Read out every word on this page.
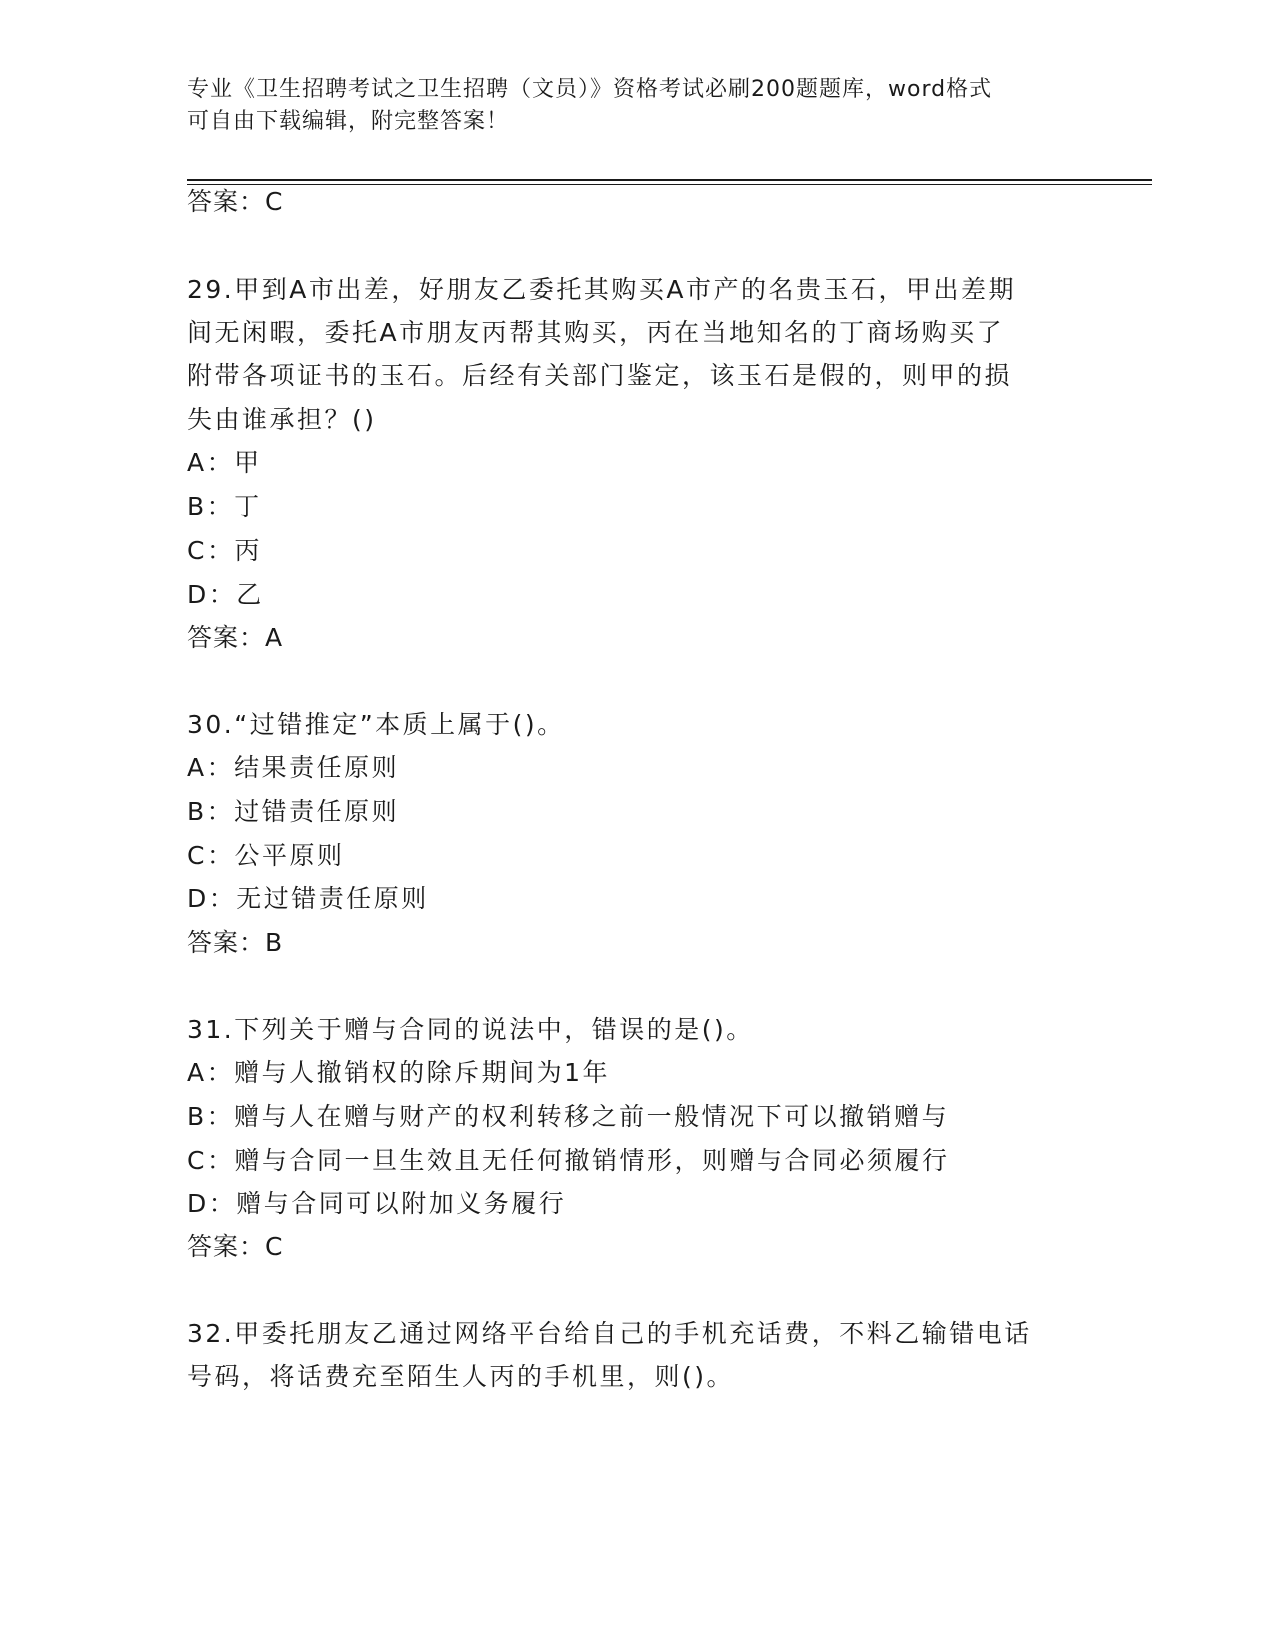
专业《卫生招聘考试之卫生招聘（文员）》资格考试必刷200题题库，word格式
可自由下载编辑，附完整答案！
答案：C
29.甲到A市出差，好朋友乙委托其购买A市产的名贵玉石，甲出差期
间无闲暇，委托A市朋友丙帮其购买，丙在当地知名的丁商场购买了
附带各项证书的玉石。后经有关部门鉴定，该玉石是假的，则甲的损
失由谁承担？()
A：甲
B：丁
C：丙
D：乙
答案：A
30.“过错推定”本质上属于()。
A：结果责任原则
B：过错责任原则
C：公平原则
D：无过错责任原则
答案：B
31.下列关于赠与合同的说法中，错误的是()。
A：赠与人撤销权的除斥期间为1年
B：赠与人在赠与财产的权利转移之前一般情况下可以撤销赠与
C：赠与合同一旦生效且无任何撤销情形，则赠与合同必须履行
D：赠与合同可以附加义务履行
答案：C
32.甲委托朋友乙通过网络平台给自己的手机充话费，不料乙输错电话
号码，将话费充至陌生人丙的手机里，则()。
